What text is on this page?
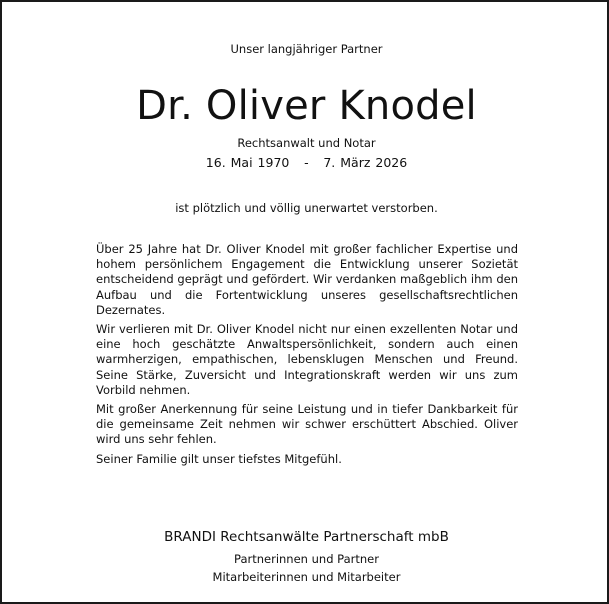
Unser langjähriger Partner
Dr. Oliver Knodel
Rechtsanwalt und Notar
16. Mai 1970 - 7. März 2026
ist plötzlich und völlig unerwartet verstorben.

Über 25 Jahre hat Dr. Oliver Knodel mit großer fachlicher Expertise und hohem persönlichem Engagement die Entwicklung unserer Sozietät entscheidend geprägt und gefördert. Wir verdanken maßgeblich ihm den Aufbau und die Fortentwicklung unseres gesellschaftsrechtlichen Dezernates.

Wir verlieren mit Dr. Oliver Knodel nicht nur einen exzellenten Notar und eine hoch geschätzte Anwaltspersönlichkeit, sondern auch einen warmherzigen, empathischen, lebensklugen Menschen und Freund. Seine Stärke, Zuversicht und Integrationskraft werden wir uns zum Vorbild nehmen.

Mit großer Anerkennung für seine Leistung und in tiefer Dankbarkeit für die gemeinsame Zeit nehmen wir schwer erschüttert Abschied. Oliver wird uns sehr fehlen.

Seiner Familie gilt unser tiefstes Mitgefühl.

BRANDI Rechtsanwälte Partnerschaft mbB
Partnerinnen und Partner
Mitarbeiterinnen und Mitarbeiter
